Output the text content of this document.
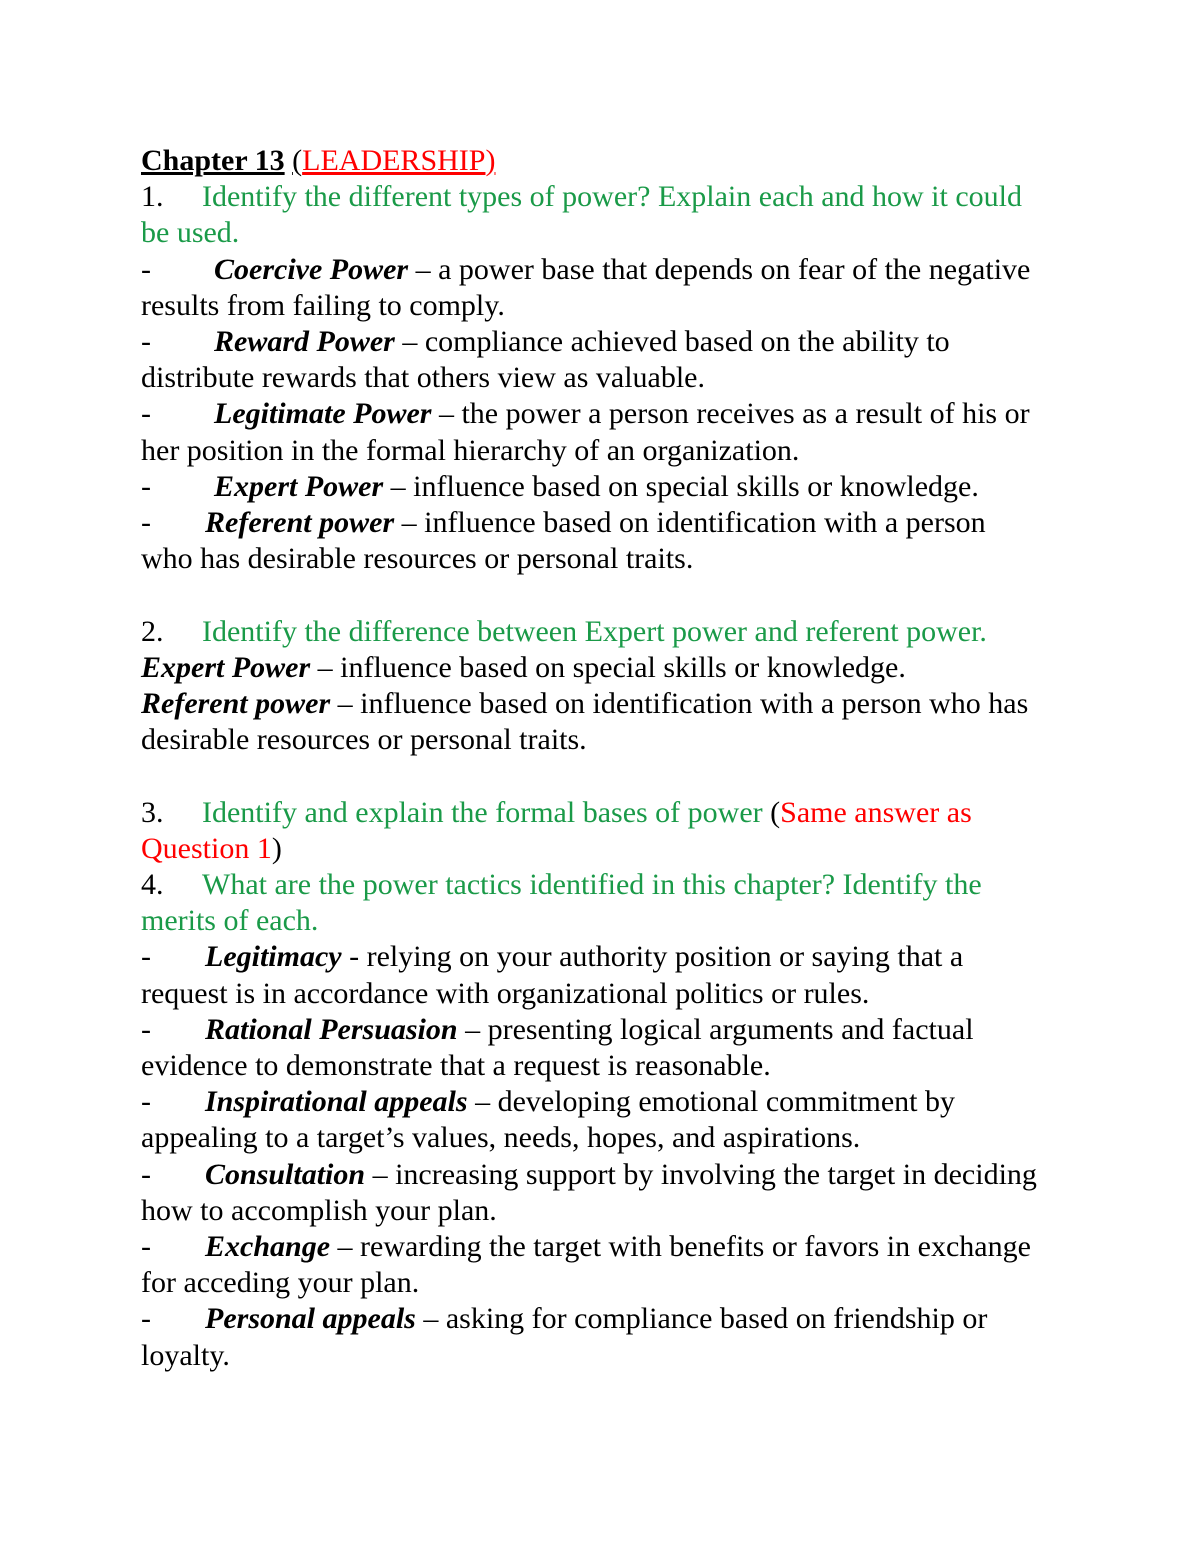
Chapter 13 (LEADERSHIP)

1. Identify the different types of power? Explain each and how it could be used.

- Coercive Power – a power base that depends on fear of the negative results from failing to comply.

- Reward Power – compliance achieved based on the ability to distribute rewards that others view as valuable.

- Legitimate Power – the power a person receives as a result of his or her position in the formal hierarchy of an organization.

- Expert Power – influence based on special skills or knowledge.

- Referent power – influence based on identification with a person who has desirable resources or personal traits.

2. Identify the difference between Expert power and referent power.

Expert Power – influence based on special skills or knowledge.

Referent power – influence based on identification with a person who has desirable resources or personal traits.

3. Identify and explain the formal bases of power (Same answer as Question 1)

4. What are the power tactics identified in this chapter? Identify the merits of each.

- Legitimacy - relying on your authority position or saying that a request is in accordance with organizational politics or rules.

- Rational Persuasion – presenting logical arguments and factual evidence to demonstrate that a request is reasonable.

- Inspirational appeals – developing emotional commitment by appealing to a target’s values, needs, hopes, and aspirations.

- Consultation – increasing support by involving the target in deciding how to accomplish your plan.

- Exchange – rewarding the target with benefits or favors in exchange for acceding your plan.

- Personal appeals – asking for compliance based on friendship or loyalty.
